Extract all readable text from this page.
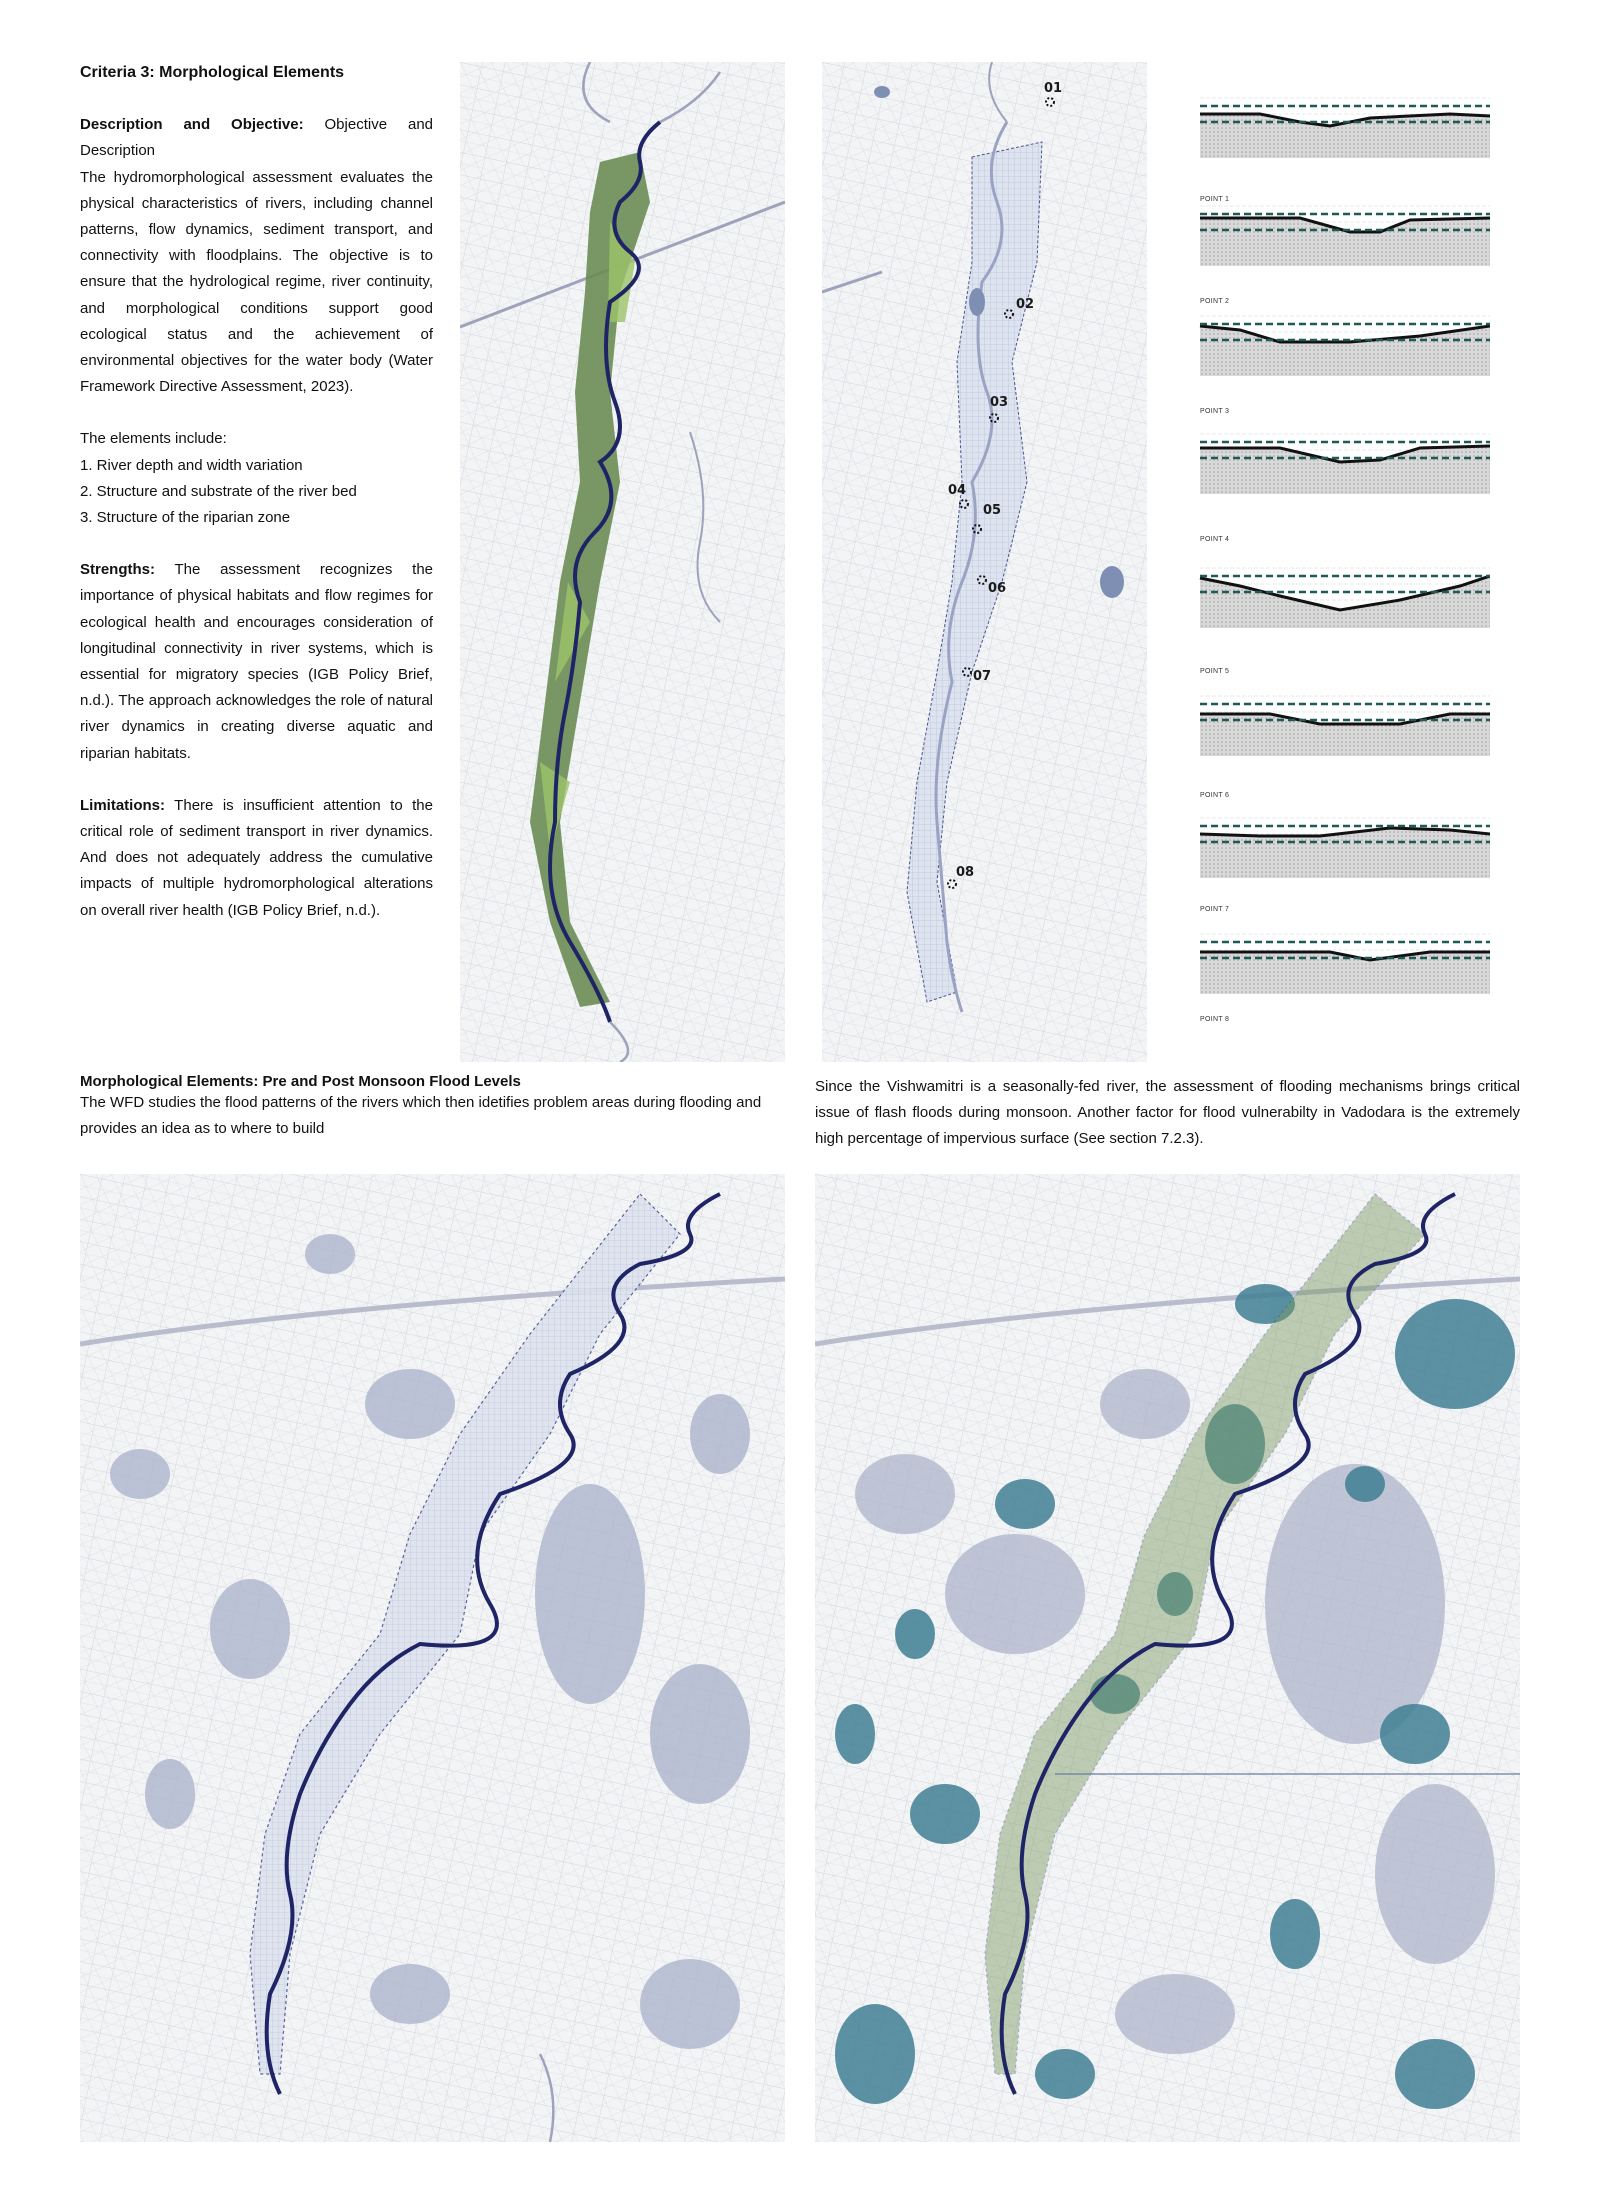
Criteria 3: Morphological Elements
Description and Objective: Objective and Description
The hydromorphological assessment evaluates the physical characteristics of rivers, including channel patterns, flow dynamics, sediment transport, and connectivity with floodplains. The objective is to ensure that the hydrological regime, river continuity, and morphological conditions support good ecological status and the achievement of environmental objectives for the water body (Water Framework Directive Assessment, 2023).
The elements include:
1. River depth and width variation
2. Structure and substrate of the river bed
3. Structure of the riparian zone
Strengths: The assessment recognizes the importance of physical habitats and flow regimes for ecological health and encourages consideration of longitudinal connectivity in river systems, which is essential for migratory species (IGB Policy Brief, n.d.). The approach acknowledges the role of natural river dynamics in creating diverse aquatic and riparian habitats.
Limitations: There is insufficient attention to the critical role of sediment transport in river dynamics. And does not adequately address the cumulative impacts of multiple hydromorphological alterations on overall river health (IGB Policy Brief, n.d.).
01
02
03
04
05
06
07
08
POINT 1
POINT 2
POINT 3
POINT 4
POINT 5
POINT 6
POINT 7
POINT 8
Morphological Elements: Pre and Post Monsoon Flood Levels
The WFD studies the flood patterns of the rivers which then idetifies problem areas during flooding and provides an idea as to where to build
Since the Vishwamitri is a seasonally-fed river, the assessment of flooding mechanisms brings critical issue of flash floods during monsoon. Another factor for flood vulnerabilty in Vadodara is the extremely high percentage of impervious surface (See section 7.2.3).
